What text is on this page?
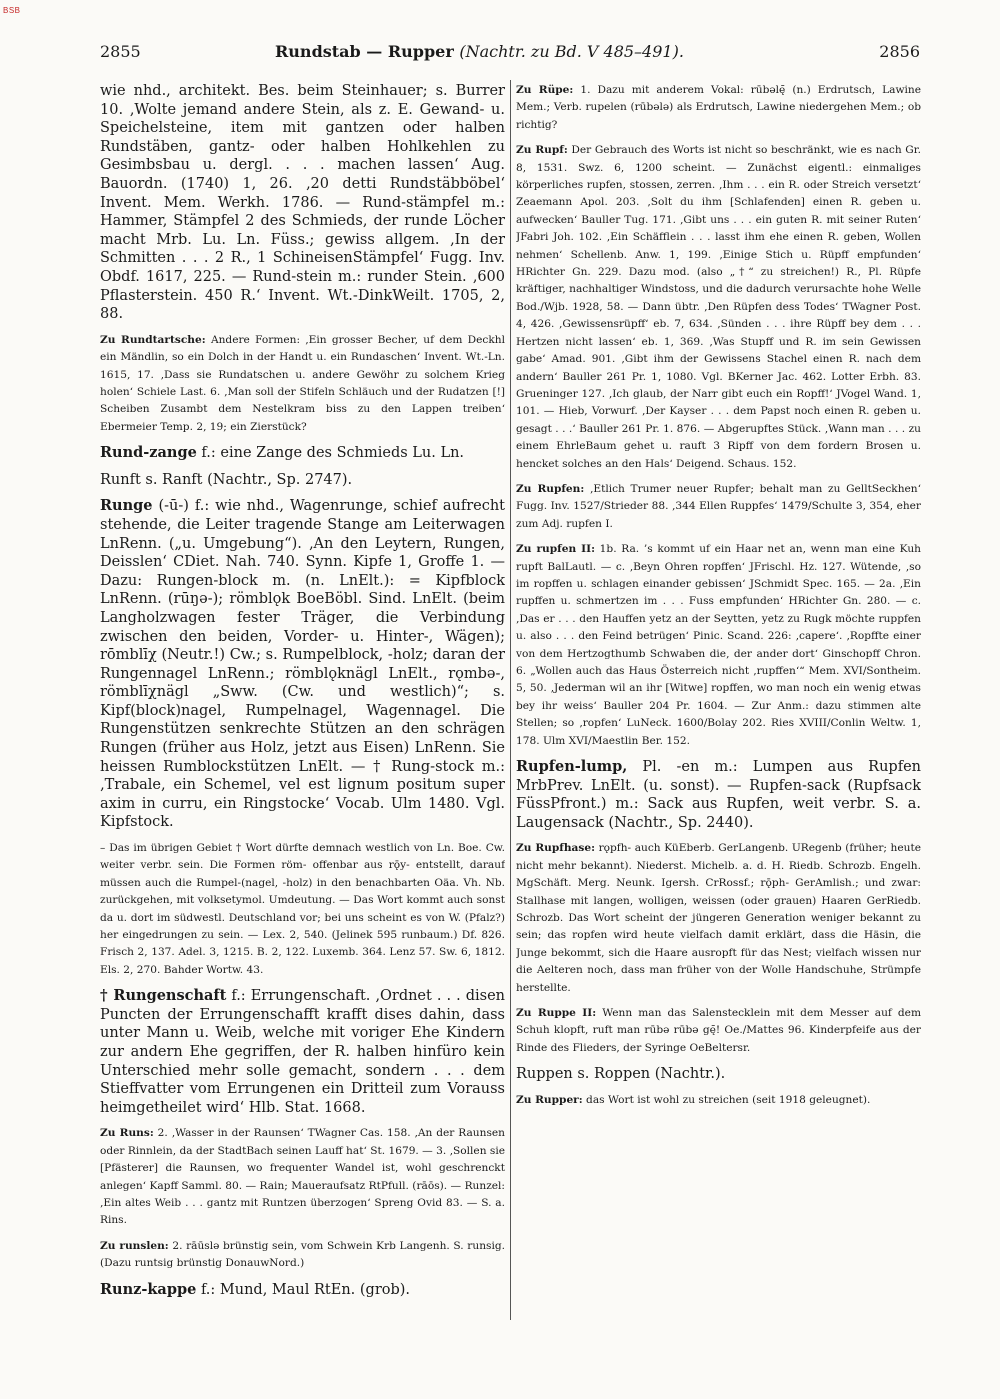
BSB
2855	Rundstab — Rupper (Nachtr. zu Bd. V 485–491).	2856

wie nhd., architekt. Bes. beim Steinhauer; s. Burrer 10. ‚Wolte jemand andere Stein, als z. E. Gewand- u. Speichelsteine, item mit gantzen oder halben Rundstäben, gantz- oder halben Hohlkehlen zu Gesimbsbau u. dergl. . . . machen lassen‘ Aug. Bauordn. (1740) 1, 26. ‚20 detti Rundstäbböbel‘ Invent. Mem. Werkh. 1786. — Rund-stämpfel m.: Hammer, Stämpfel 2 des Schmieds, der runde Löcher macht Mrb. Lu. Ln. Füss.; gewiss allgem. ‚In der Schmitten . . . 2 R., 1 SchineisenStämpfel‘ Fugg. Inv. Obdf. 1617, 225. — Rund-stein m.: runder Stein. ‚600 Pflasterstein. 450 R.‘ Invent. Wt.-DinkWeilt. 1705, 2, 88.

Zu Rundtartsche: Andere Formen: ‚Ein grosser Becher, uf dem Deckhl ein Mändlin, so ein Dolch in der Handt u. ein Rundaschen‘ Invent. Wt.-Ln. 1615, 17. ‚Dass sie Rundatschen u. andere Gewöhr zu solchem Krieg holen‘ Schiele Last. 6. ‚Man soll der Stifeln Schläuch und der Rudatzen [!] Scheiben Zusambt dem Nestelkram biss zu den Lappen treiben‘ Ebermeier Temp. 2, 19; ein Zierstück?

Rund-zange f.: eine Zange des Schmieds Lu. Ln.

Runft s. Ranft (Nachtr., Sp. 2747).

Runge (-ū-) f.: wie nhd., Wagenrunge, schief aufrecht stehende, die Leiter tragende Stange am Leiterwagen LnRenn. („u. Umgebung“). ‚An den Leytern, Rungen, Deisslen‘ CDiet. Nah. 740. Synn. Kipfe 1, Groffe 1. — Dazu: Rungen-block m. (n. LnElt.): = Kipfblock LnRenn. (rūŋə-); römblǫk BoeBöbl. Sind. LnElt. (beim Langholzwagen fester Träger, die Verbindung zwischen den beiden, Vorder- u. Hinter-, Wägen); rōmblīχ (Neutr.!) Cw.; s. Rumpelblock, -holz; daran der Rungennagel LnRenn.; römblǫknägl LnElt., rǫmbə-, römblīχnägl „Sww. (Cw. und westlich)“; s. Kipf(block)nagel, Rumpelnagel, Wagennagel. Die Rungenstützen senkrechte Stützen an den schrägen Rungen (früher aus Holz, jetzt aus Eisen) LnRenn. Sie heissen Rumblockstützen LnElt. — † Rung-stock m.: ‚Trabale, ein Schemel, vel est lignum positum super axim in curru, ein Ringstocke‘ Vocab. Ulm 1480. Vgl. Kipfstock.

– Das im übrigen Gebiet † Wort dürfte demnach westlich von Ln. Boe. Cw. weiter verbr. sein. Die Formen röm- offenbar aus rǭy- entstellt, darauf müssen auch die Rumpel-(nagel, -holz) in den benachbarten Oäa. Vh. Nb. zurückgehen, mit volksetymol. Umdeutung. — Das Wort kommt auch sonst da u. dort im südwestl. Deutschland vor; bei uns scheint es von W. (Pfalz?) her eingedrungen zu sein. — Lex. 2, 540. (Jelinek 595 runbaum.) Df. 826. Frisch 2, 137. Adel. 3, 1215. B. 2, 122. Luxemb. 364. Lenz 57. Sw. 6, 1812. Els. 2, 270. Bahder Wortw. 43.

† Rungenschaft f.: Errungenschaft. ‚Ordnet . . . disen Puncten der Errungenschafft krafft dises dahin, dass unter Mann u. Weib, welche mit voriger Ehe Kindern zur andern Ehe gegriffen, der R. halben hinfüro kein Unterschied mehr solle gemacht, sondern . . . dem Stieffvatter vom Errungenen ein Dritteil zum Vorauss heimgetheilet wird‘ Hlb. Stat. 1668.

Zu Runs: 2. ‚Wasser in der Raunsen‘ TWagner Cas. 158. ‚An der Raunsen oder Rinnlein, da der StadtBach seinen Lauff hat‘ St. 1679. — 3. ‚Sollen sie [Pfästerer] die Raunsen, wo frequenter Wandel ist, wohl geschrenckt anlegen‘ Kapff Samml. 80. — Rain; Maueraufsatz RtPfull. (rāōs). — Runzel: ‚Ein altes Weib . . . gantz mit Runtzen überzogen‘ Spreng Ovid 83. — S. a. Rins.

Zu runslen: 2. rāūslə brünstig sein, vom Schwein Krb Langenh. S. runsig. (Dazu runtsig brünstig DonauwNord.)

Runz-kappe f.: Mund, Maul RtEn. (grob).

Zu Rüpe: 1. Dazu mit anderem Vokal: rūbəlę̄ (n.) Erdrutsch, Lawine Mem.; Verb. rupelen (rūbələ) als Erdrutsch, Lawine niedergehen Mem.; ob richtig?

Zu Rupf: Der Gebrauch des Worts ist nicht so beschränkt, wie es nach Gr. 8, 1531. Swz. 6, 1200 scheint. — Zunächst eigentl.: einmaliges körperliches rupfen, stossen, zerren. ‚Ihm . . . ein R. oder Streich versetzt‘ Zeaemann Apol. 203. ‚Solt du ihm [Schlafenden] einen R. geben u. aufwecken‘ Bauller Tug. 171. ‚Gibt uns . . . ein guten R. mit seiner Ruten‘ JFabri Joh. 102. ‚Ein Schäfflein . . . lasst ihm ehe einen R. geben, Wollen nehmen‘ Schellenb. Anw. 1, 199. ‚Einige Stich u. Rüpff empfunden‘ HRichter Gn. 229. Dazu mod. (also „†“ zu streichen!) R., Pl. Rüpfe kräftiger, nachhaltiger Windstoss, und die dadurch verursachte hohe Welle Bod./Wjb. 1928, 58. — Dann übtr. ‚Den Rüpfen dess Todes‘ TWagner Post. 4, 426. ‚Gewissensrüpff‘ eb. 7, 634. ‚Sünden . . . ihre Rüpff bey dem . . . Hertzen nicht lassen‘ eb. 1, 369. ‚Was Stupff und R. im sein Gewissen gabe‘ Amad. 901. ‚Gibt ihm der Gewissens Stachel einen R. nach dem andern‘ Bauller 261 Pr. 1, 1080. Vgl. BKerner Jac. 462. Lotter Erbh. 83. Grueninger 127. ‚Ich glaub, der Narr gibt euch ein Ropff!‘ JVogel Wand. 1, 101. — Hieb, Vorwurf. ‚Der Kayser . . . dem Papst noch einen R. geben u. gesagt . . .‘ Bauller 261 Pr. 1. 876. — Abgerupftes Stück. ‚Wann man . . . zu einem EhrleBaum gehet u. rauft 3 Ripff von dem fordern Brosen u. hencket solches an den Hals‘ Deigend. Schaus. 152.

Zu Rupfen: ‚Etlich Trumer neuer Rupfer; behalt man zu GelltSeckhen‘ Fugg. Inv. 1527/Strieder 88. ‚344 Ellen Ruppfes‘ 1479/Schulte 3, 354, eher zum Adj. rupfen I.

Zu rupfen II: 1b. Ra. ’s kommt uf ein Haar net an, wenn man eine Kuh rupft BalLautl. — c. ‚Beyn Ohren ropffen‘ JFrischl. Hz. 127. Wütende, ‚so im ropffen u. schlagen einander gebissen‘ JSchmidt Spec. 165. — 2a. ‚Ein rupffen u. schmertzen im . . . Fuss empfunden‘ HRichter Gn. 280. — c. ‚Das er . . . den Hauffen yetz an der Seytten, yetz zu Rugk möchte ruppfen u. also . . . den Feind betrügen‘ Pinic. Scand. 226: ‚capere‘. ‚Ropffte einer von dem Hertzogthumb Schwaben die, der ander dort‘ Ginschopff Chron. 6. „Wollen auch das Haus Österreich nicht ‚rupffen‘“ Mem. XVI/Sontheim. 5, 50. ‚Jederman wil an ihr [Witwe] ropffen, wo man noch ein wenig etwas bey ihr weiss‘ Bauller 204 Pr. 1604. — Zur Anm.: dazu stimmen alte Stellen; so ‚ropfen‘ LuNeck. 1600/Bolay 202. Ries XVIII/Conlin Weltw. 1, 178. Ulm XVI/Maestlin Ber. 152.

Rupfen-lump, Pl. -en m.: Lumpen aus Rupfen MrbPrev. LnElt. (u. sonst). — Rupfen-sack (Rupfsack FüssPfront.) m.: Sack aus Rupfen, weit verbr. S. a. Laugensack (Nachtr., Sp. 2440).

Zu Rupfhase: rǫpfh- auch KüEberb. GerLangenb. URegenb (früher; heute nicht mehr bekannt). Niederst. Michelb. a. d. H. Riedb. Schrozb. Engelh. MgSchäft. Merg. Neunk. Igersh. CrRossf.; rǭph- GerAmlish.; und zwar: Stallhase mit langen, wolligen, weissen (oder grauen) Haaren GerRiedb. Schrozb. Das Wort scheint der jüngeren Generation weniger bekannt zu sein; das ropfen wird heute vielfach damit erklärt, dass die Häsin, die Junge bekommt, sich die Haare ausropft für das Nest; vielfach wissen nur die Aelteren noch, dass man früher von der Wolle Handschuhe, Strümpfe herstellte.

Zu Ruppe II: Wenn man das Salenstecklein mit dem Messer auf dem Schuh klopft, ruft man rūbə rūbə gę̄! Oe./Mattes 96. Kinderpfeife aus der Rinde des Flieders, der Syringe OeBeltersr.

Ruppen s. Roppen (Nachtr.).

Zu Rupper: das Wort ist wohl zu streichen (seit 1918 geleugnet).
